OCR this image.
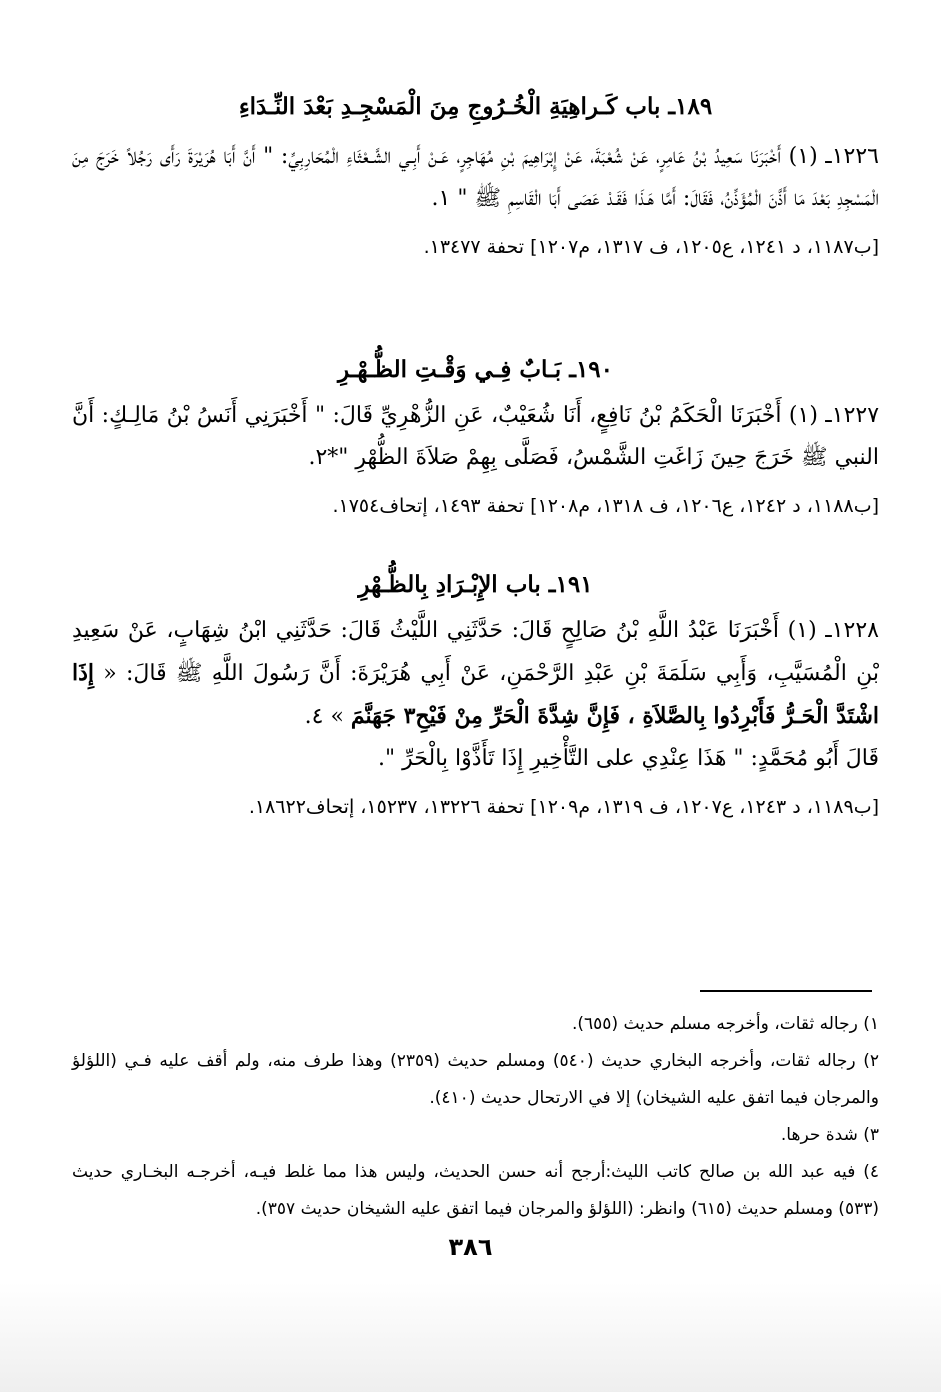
١٨٩ـ باب كَـراهِيَةِ الْخُـرُوجِ مِنَ الْمَسْجِـدِ بَعْدَ النِّـدَاءِ

١٢٢٦ـ (١) أَخْبَرَنَا سَعِيدُ بْنُ عَامِرٍ، عَنْ شُعْبَةَ، عَنْ إِبْرَاهِيمَ بْنِ مُهَاجِرٍ، عَـنْ أَبِـي الشَّـعْثَاءِ الْمُحَارِبِيِّ: " أَنَّ أَبَا هُرَيْرَةَ رَأَى رَجُلاً خَرَجَ مِنَ الْمَسْجِدِ بَعْدَ مَا أَذَّنَ الْمُؤَذِّنُ، فَقَالَ: أَمَّا هَـذَا فَقَـدْ عَصَى أَبَا الْقَاسِمِ ﷺ " ١.

[ب١١٨٧، د ١٢٤١، ع١٢٠٥، ف ١٣١٧، م١٢٠٧] تحفة ١٣٤٧٧.

١٩٠ـ بَـابٌ فِـي وَقْـتِ الظُّـهْـرِ

١٢٢٧ـ (١) أَخْبَرَنَا الْحَكَمُ بْنُ نَافِعٍ، أَنَا شُعَيْبٌ، عَنِ الزُّهْرِيِّ قَالَ: " أَخْبَرَنِي أَنَسُ بْنُ مَالِـكٍ: أَنَّ النبي ﷺ خَرَجَ حِينَ زَاغَتِ الشَّمْسُ، فَصَلَّى بِهِمْ صَلاَةَ الظُّهْرِ "*٢.

[ب١١٨٨، د ١٢٤٢، ع١٢٠٦، ف ١٣١٨، م١٢٠٨] تحفة ١٤٩٣، إتحاف١٧٥٤.

١٩١ـ باب الإِبْـرَادِ بِالظُّـهْرِ

١٢٢٨ـ (١) أَخْبَرَنَا عَبْدُ اللَّهِ بْنُ صَالِحٍ قَالَ: حَدَّثَنِي اللَّيْثُ قَالَ: حَدَّثَنِي ابْنُ شِهَابٍ، عَنْ سَعِيدِ بْنِ الْمُسَيَّبِ، وَأَبِي سَلَمَةَ بْنِ عَبْدِ الرَّحْمَنِ، عَنْ أَبِي هُرَيْرَةَ: أَنَّ رَسُولَ اللَّهِ ﷺ قَالَ: « إِذَا اشْتَدَّ الْحَـرُّ فَأَبْرِدُوا بِالصَّلاَةِ ، فَإِنَّ شِدَّةَ الْحَرِّ مِنْ فَيْحِ٣ جَهَنَّمَ » ٤.

قَالَ أَبُو مُحَمَّدٍ: " هَذَا عِنْدِي على التَّأْخِيرِ إِذَا تَأَذَّوْا بِالْحَرِّ ".

[ب١١٨٩، د ١٢٤٣، ع١٢٠٧، ف ١٣١٩، م١٢٠٩] تحفة ١٣٢٢٦، ١٥٢٣٧، إتحاف١٨٦٢٢.

١) رجاله ثقات، وأخرجه مسلم حديث (٦٥٥).

٢) رجاله ثقات، وأخرجه البخاري حديث (٥٤٠) ومسلم حديث (٢٣٥٩) وهذا طرف منه، ولم أقف عليه فـي (اللؤلؤ والمرجان فيما اتفق عليه الشيخان) إلا في الارتحال حديث (٤١٠).

٣) شدة حرها.

٤) فيه عبد الله بن صالح كاتب الليث:أرجح أنه حسن الحديث، وليس هذا مما غلط فيـه، أخرجـه البخـاري حديث (٥٣٣) ومسلم حديث (٦١٥) وانظر: (اللؤلؤ والمرجان فيما اتفق عليه الشيخان حديث ٣٥٧).

٣٨٦
